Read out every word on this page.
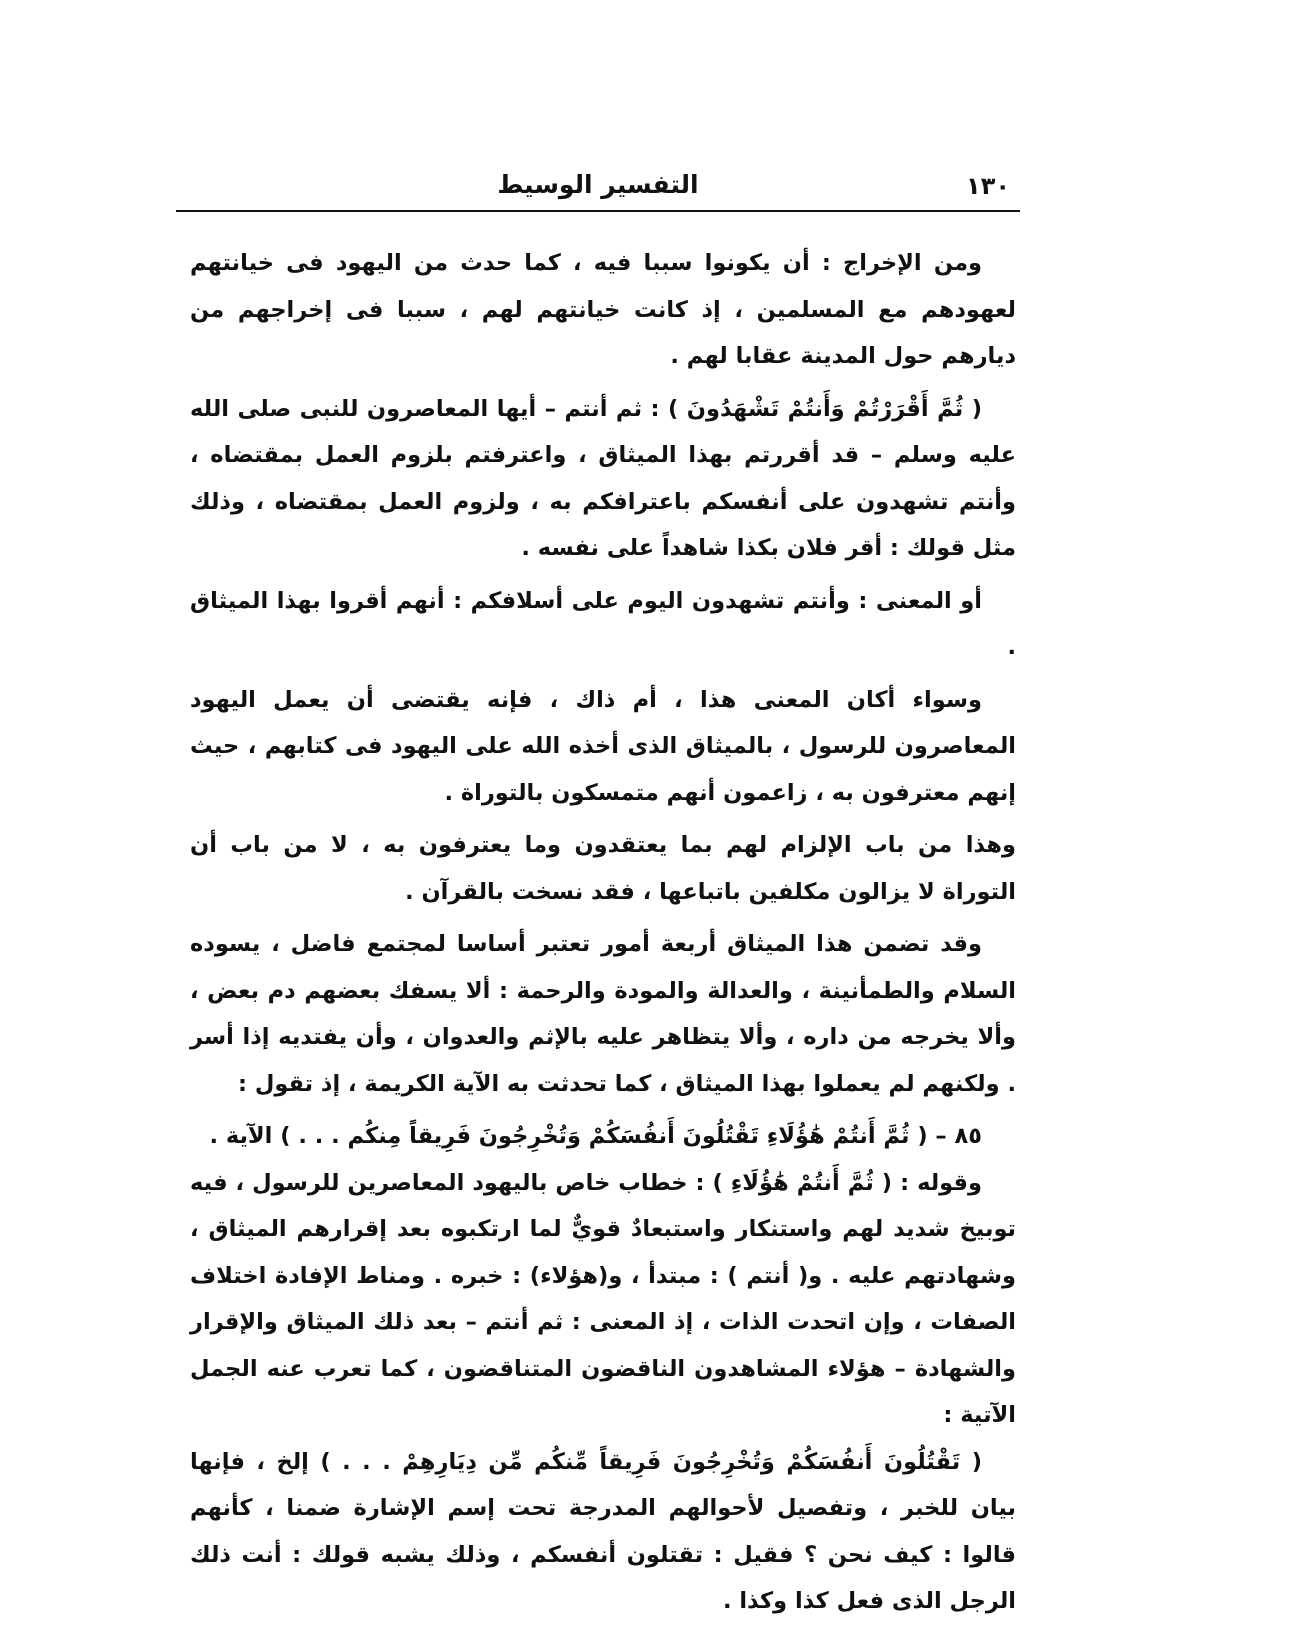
١٣٠
التفسير الوسيط

ومن الإخراج : أن يكونوا سببا فيه ، كما حدث من اليهود فى خيانتهم لعهودهم مع المسلمين ، إذ كانت خيانتهم لهم ، سببا فى إخراجهم من ديارهم حول المدينة عقابا لهم .

( ثُمَّ أَقْرَرْتُمْ وَأَنتُمْ تَشْهَدُونَ ) : ثم أنتم – أيها المعاصرون للنبى صلى الله عليه وسلم – قد أقررتم بهذا الميثاق ، واعترفتم بلزوم العمل بمقتضاه ، وأنتم تشهدون على أنفسكم باعترافكم به ، ولزوم العمل بمقتضاه ، وذلك مثل قولك : أقر فلان بكذا شاهداً على نفسه .

أو المعنى : وأنتم تشهدون اليوم على أسلافكم : أنهم أقروا بهذا الميثاق .

وسواء أكان المعنى هذا ، أم ذاك ، فإنه يقتضى أن يعمل اليهود المعاصرون للرسول ، بالميثاق الذى أخذه الله على اليهود فى كتابهم ، حيث إنهم معترفون به ، زاعمون أنهم متمسكون بالتوراة .

وهذا من باب الإلزام لهم بما يعتقدون وما يعترفون به ، لا من باب أن التوراة لا يزالون مكلفين باتباعها ، فقد نسخت بالقرآن .

وقد تضمن هذا الميثاق أربعة أمور تعتبر أساسا لمجتمع فاضل ، يسوده السلام والطمأنينة ، والعدالة والمودة والرحمة : ألا يسفك بعضهم دم بعض ، وألا يخرجه من داره ، وألا يتظاهر عليه بالإثم والعدوان ، وأن يفتديه إذا أسر . ولكنهم لم يعملوا بهذا الميثاق ، كما تحدثت به الآية الكريمة ، إذ تقول :

٨٥ – ( ثُمَّ أَنتُمْ هَٰؤُلَاءِ تَقْتُلُونَ أَنفُسَكُمْ وَتُخْرِجُونَ فَرِيقاً مِنكُم . . . ) الآية .

وقوله : ( ثُمَّ أَنتُمْ هَٰؤُلَاءِ ) : خطاب خاص باليهود المعاصرين للرسول ، فيه توبيخ شديد لهم واستنكار واستبعادٌ قويٌّ لما ارتكبوه بعد إقرارهم الميثاق ، وشهادتهم عليه . و( أنتم ) : مبتدأ ، و(هؤلاء) : خبره . ومناط الإفادة اختلاف الصفات ، وإن اتحدت الذات ، إذ المعنى : ثم أنتم – بعد ذلك الميثاق والإقرار والشهادة – هؤلاء المشاهدون الناقضون المتناقضون ، كما تعرب عنه الجمل الآتية :

( تَقْتُلُونَ أَنفُسَكُمْ وَتُخْرِجُونَ فَرِيقاً مِّنكُم مِّن دِيَارِهِمْ . . . ) إلخ ، فإنها بيان للخبر ، وتفصيل لأحوالهم المدرجة تحت إسم الإشارة ضمنا ، كأنهم قالوا : كيف نحن ؟ فقيل : تقتلون أنفسكم ، وذلك يشبه قولك : أنت ذلك الرجل الذى فعل كذا وكذا .
